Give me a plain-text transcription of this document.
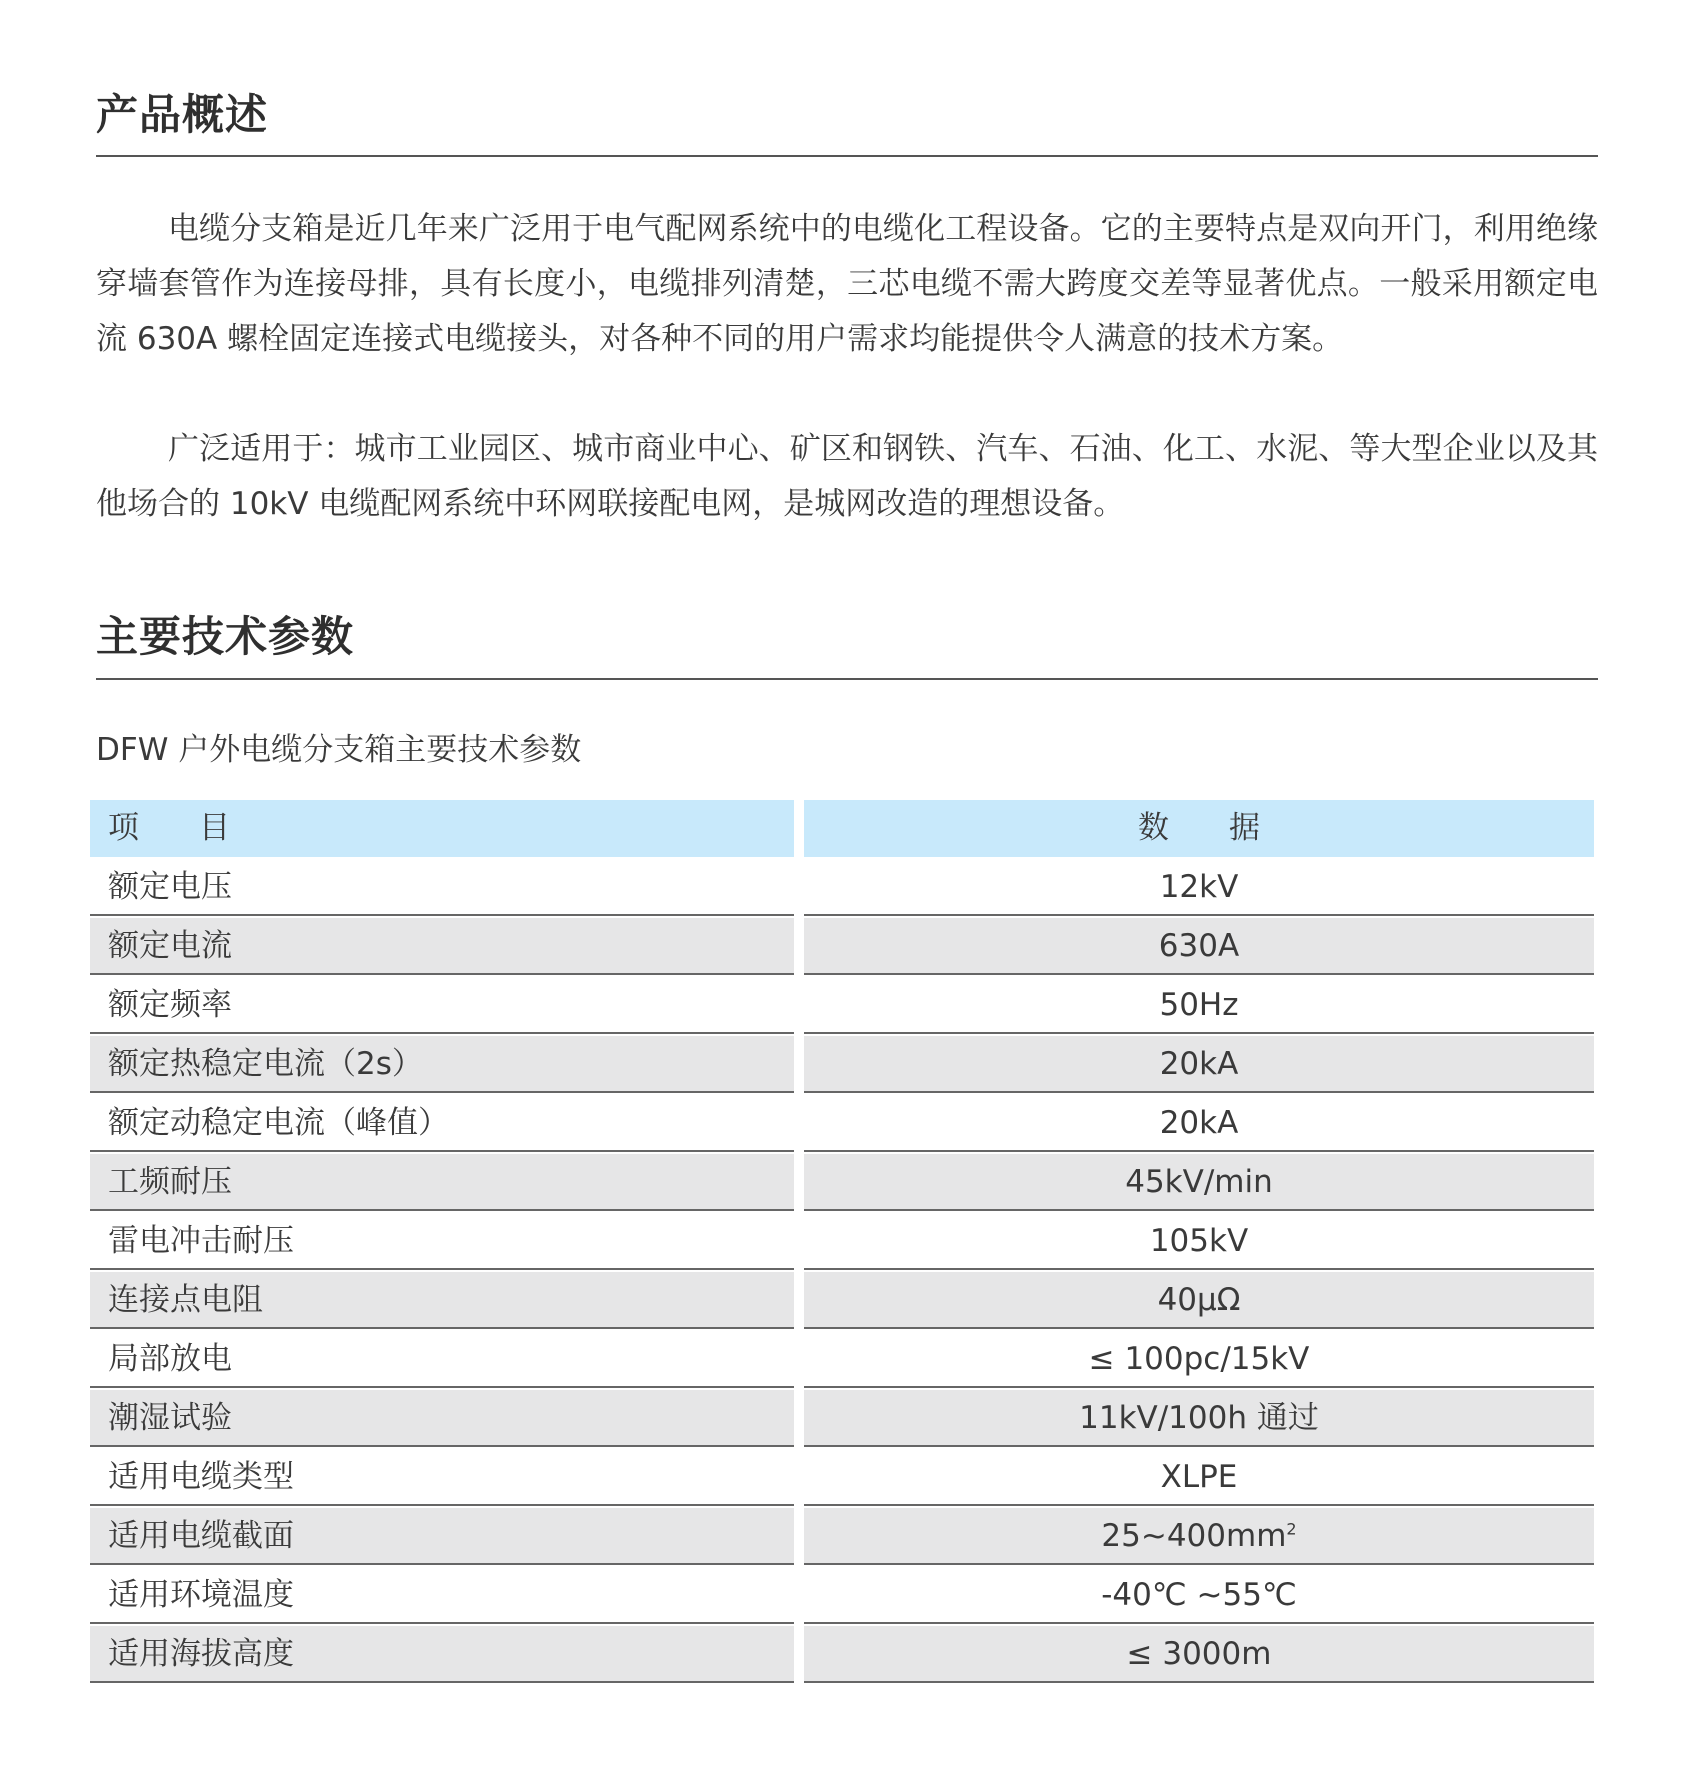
产品概述

电缆分支箱是近几年来广泛用于电气配网系统中的电缆化工程设备。它的主要特点是双向开门，利用绝缘穿墙套管作为连接母排，具有长度小，电缆排列清楚，三芯电缆不需大跨度交差等显著优点。一般采用额定电流 630A 螺栓固定连接式电缆接头，对各种不同的用户需求均能提供令人满意的技术方案。

广泛适用于：城市工业园区、城市商业中心、矿区和钢铁、汽车、石油、化工、水泥、等大型企业以及其他场合的 10kV 电缆配网系统中环网联接配电网，是城网改造的理想设备。

主要技术参数

DFW 户外电缆分支箱主要技术参数

项 目	数 据
额定电压	12kV
额定电流	630A
额定频率	50Hz
额定热稳定电流（2s）	20kA
额定动稳定电流（峰值）	20kA
工频耐压	45kV/min
雷电冲击耐压	105kV
连接点电阻	40μΩ
局部放电	≤ 100pc/15kV
潮湿试验	11kV/100h 通过
适用电缆类型	XLPE
适用电缆截面	$25\sim 400mm^2$
适用环境温度	-40℃ ~55℃
适用海拔高度	≤ 3000m
